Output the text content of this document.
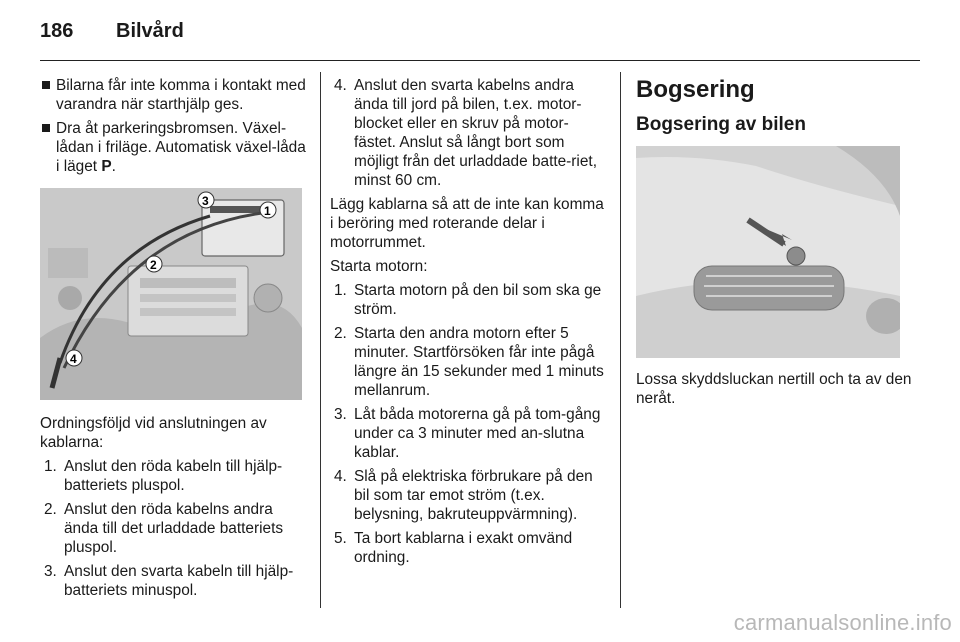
186 Bilvård
Bilarna får inte komma i kontakt med varandra när starthjälp ges.
Dra åt parkeringsbromsen. Växel-lådan i friläge. Automatisk växel-låda i läget P.
1
2
3
4

Ordningsföljd vid anslutningen av kablarna:

1. Anslut den röda kabeln till hjälp-batteriets pluspol.
2. Anslut den röda kabelns andra ända till det urladdade batteriets pluspol.
3. Anslut den svarta kabeln till hjälp-batteriets minuspol.
4. Anslut den svarta kabelns andra ända till jord på bilen, t.ex. motor-blocket eller en skruv på motor-fästet. Anslut så långt bort som möjligt från det urladdade batte-riet, minst 60 cm.

Lägg kablarna så att de inte kan komma i beröring med roterande delar i motorrummet.

Starta motorn:

1. Starta motorn på den bil som ska ge ström.
2. Starta den andra motorn efter 5 minuter. Startförsöken får inte pågå längre än 15 sekunder med 1 minuts mellanrum.
3. Låt båda motorerna gå på tom-gång under ca 3 minuter med an-slutna kablar.
4. Slå på elektriska förbrukare på den bil som tar emot ström (t.ex. belysning, bakruteuppvärmning).
5. Ta bort kablarna i exakt omvänd ordning.
Bogsering
Bogsering av bilen

Lossa skyddsluckan nertill och ta av den neråt.

carmanualsonline.info
